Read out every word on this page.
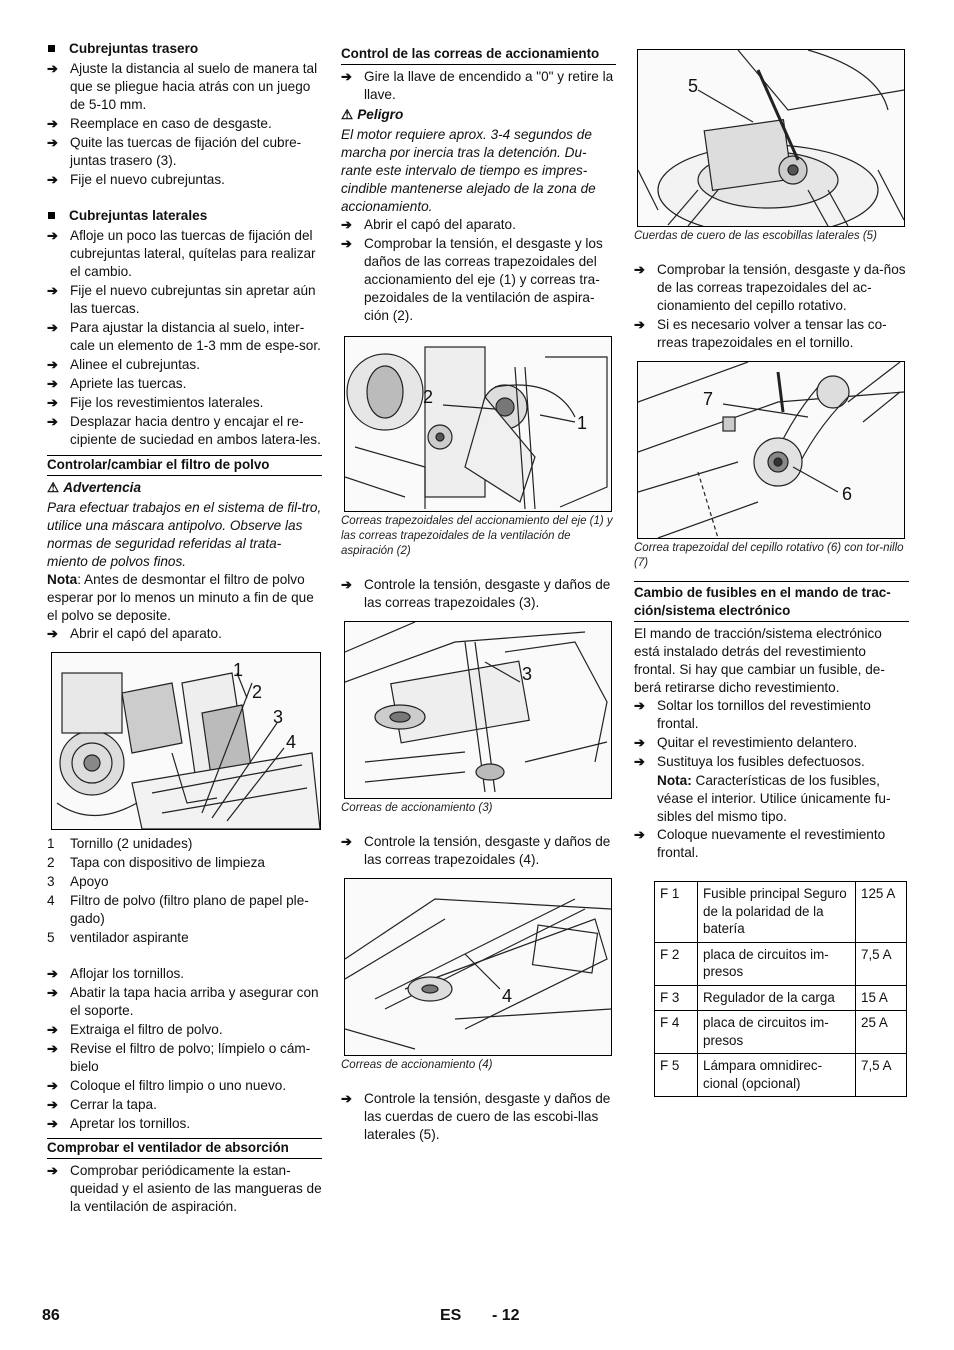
Cubrejuntas trasero
➔ Ajuste la distancia al suelo de manera tal que se pliegue hacia atrás con un juego de 5-10 mm.
➔ Reemplace en caso de desgaste.
➔ Quite las tuercas de fijación del cubre-juntas trasero (3).
➔ Fije el nuevo cubrejuntas.
Cubrejuntas laterales
➔ Afloje un poco las tuercas de fijación del cubrejuntas lateral, quítelas para realizar el cambio.
➔ Fije el nuevo cubrejuntas sin apretar aún las tuercas.
➔ Para ajustar la distancia al suelo, inter-cale un elemento de 1-3 mm de espe-sor.
➔ Alinee el cubrejuntas.
➔ Apriete las tuercas.
➔ Fije los revestimientos laterales.
➔ Desplazar hacia dentro y encajar el re-cipiente de suciedad en ambos latera-les.
Controlar/cambiar el filtro de polvo
⚠ Advertencia

Para efectuar trabajos en el sistema de fil-tro, utilice una máscara antipolvo. Observe las normas de seguridad referidas al trata-miento de polvos finos.

Nota: Antes de desmontar el filtro de polvo esperar por lo menos un minuto a fin de que el polvo se deposite.

➔ Abrir el capó del aparato.
1
2
3
4
1 Tornillo (2 unidades)
2 Tapa con dispositivo de limpieza
3 Apoyo
4 Filtro de polvo (filtro plano de papel ple-gado)
5 ventilador aspirante
➔ Aflojar los tornillos.
➔ Abatir la tapa hacia arriba y asegurar con el soporte.
➔ Extraiga el filtro de polvo.
➔ Revise el filtro de polvo; límpielo o cám-bielo
➔ Coloque el filtro limpio o uno nuevo.
➔ Cerrar la tapa.
➔ Apretar los tornillos.
Comprobar el ventilador de absorción
➔ Comprobar periódicamente la estan-queidad y el asiento de las mangueras de la ventilación de aspiración.
Control de las correas de accionamiento
➔ Gire la llave de encendido a "0" y retire la llave.
⚠ Peligro

El motor requiere aprox. 3-4 segundos de marcha por inercia tras la detención. Du-rante este intervalo de tiempo es impres-cindible mantenerse alejado de la zona de accionamiento.

➔ Abrir el capó del aparato.
➔ Comprobar la tensión, el desgaste y los daños de las correas trapezoidales del accionamiento del eje (1) y correas tra-pezoidales de la ventilación de aspira-ción (2).
2
1

Correas trapezoidales del accionamiento del eje (1) y las correas trapezoidales de la ventilación de aspiración (2)

➔ Controle la tensión, desgaste y daños de las correas trapezoidales (3).
3

Correas de accionamiento (3)

➔ Controle la tensión, desgaste y daños de las correas trapezoidales (4).
4

Correas de accionamiento (4)

➔ Controle la tensión, desgaste y daños de las cuerdas de cuero de las escobi-llas laterales (5).
5

Cuerdas de cuero de las escobillas laterales (5)

➔ Comprobar la tensión, desgaste y da-ños de las correas trapezoidales del ac-cionamiento del cepillo rotativo.
➔ Si es necesario volver a tensar las co-rreas trapezoidales en el tornillo.
7
6

Correa trapezoidal del cepillo rotativo (6) con tor-nillo (7)

Cambio de fusibles en el mando de trac-ción/sistema electrónico

El mando de tracción/sistema electrónico está instalado detrás del revestimiento frontal. Si hay que cambiar un fusible, de-berá retirarse dicho revestimiento.

➔ Soltar los tornillos del revestimiento frontal.
➔ Quitar el revestimiento delantero.
➔ Sustituya los fusibles defectuosos.

Nota: Características de los fusibles, véase el interior. Utilice únicamente fu-sibles del mismo tipo.

➔ Coloque nuevamente el revestimiento frontal.
F 1	Fusible principal Seguro de la polaridad de la batería	125 A
F 2	placa de circuitos im-presos	7,5 A
F 3	Regulador de la carga	15 A
F 4	placa de circuitos im-presos	25 A
F 5	Lámpara omnidirec-cional (opcional)	7,5 A
86	ES - 12
